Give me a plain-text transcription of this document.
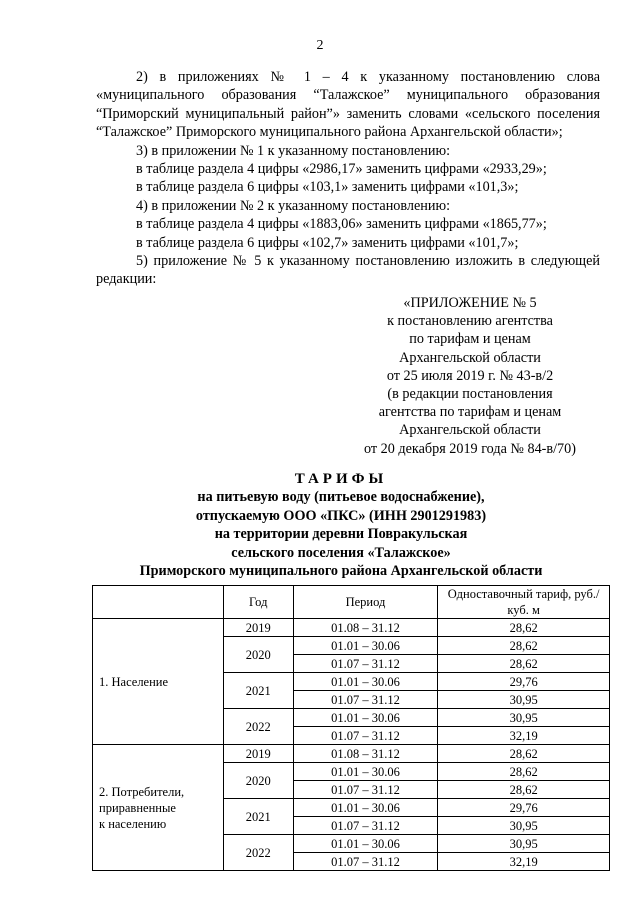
2

2) в приложениях № 1 – 4 к указанному постановлению слова «муниципального образования “Талажское” муниципального образования “Приморский муниципальный район”» заменить словами «сельского поселения “Талажское” Приморского муниципального района Архангельской области»;

3) в приложении № 1 к указанному постановлению:

в таблице раздела 4 цифры «2986,17» заменить цифрами «2933,29»;

в таблице раздела 6 цифры «103,1» заменить цифрами «101,3»;

4) в приложении № 2 к указанному постановлению:

в таблице раздела 4 цифры «1883,06» заменить цифрами «1865,77»;

в таблице раздела 6 цифры «102,7» заменить цифрами «101,7»;

5) приложение № 5 к указанному постановлению изложить в следующей редакции:

«ПРИЛОЖЕНИЕ № 5
к постановлению агентства
по тарифам и ценам
Архангельской области
от 25 июля 2019 г. № 43-в/2
(в редакции постановления
агентства по тарифам и ценам
Архангельской области
от 20 декабря 2019 года № 84-в/70)
ТАРИФЫ
на питьевую воду (питьевое водоснабжение),
отпускаемую ООО «ПКС» (ИНН 2901291983)
на территории деревни Повракульская
сельского поселения «Талажское»
Приморского муниципального района Архангельской области
	Год	Период	Одноставочный тариф, руб./куб. м
1. Население	2019	01.08 – 31.12	28,62
	2020	01.01 – 30.06	28,62
		01.07 – 31.12	28,62
	2021	01.01 – 30.06	29,76
		01.07 – 31.12	30,95
	2022	01.01 – 30.06	30,95
		01.07 – 31.12	32,19

2. Потребители,
приравненные
к населению	2019	01.08 – 31.12	28,62
	2020	01.01 – 30.06	28,62
		01.07 – 31.12	28,62
	2021	01.01 – 30.06	29,76
		01.07 – 31.12	30,95
	2022	01.01 – 30.06	30,95
		01.07 – 31.12	32,19
